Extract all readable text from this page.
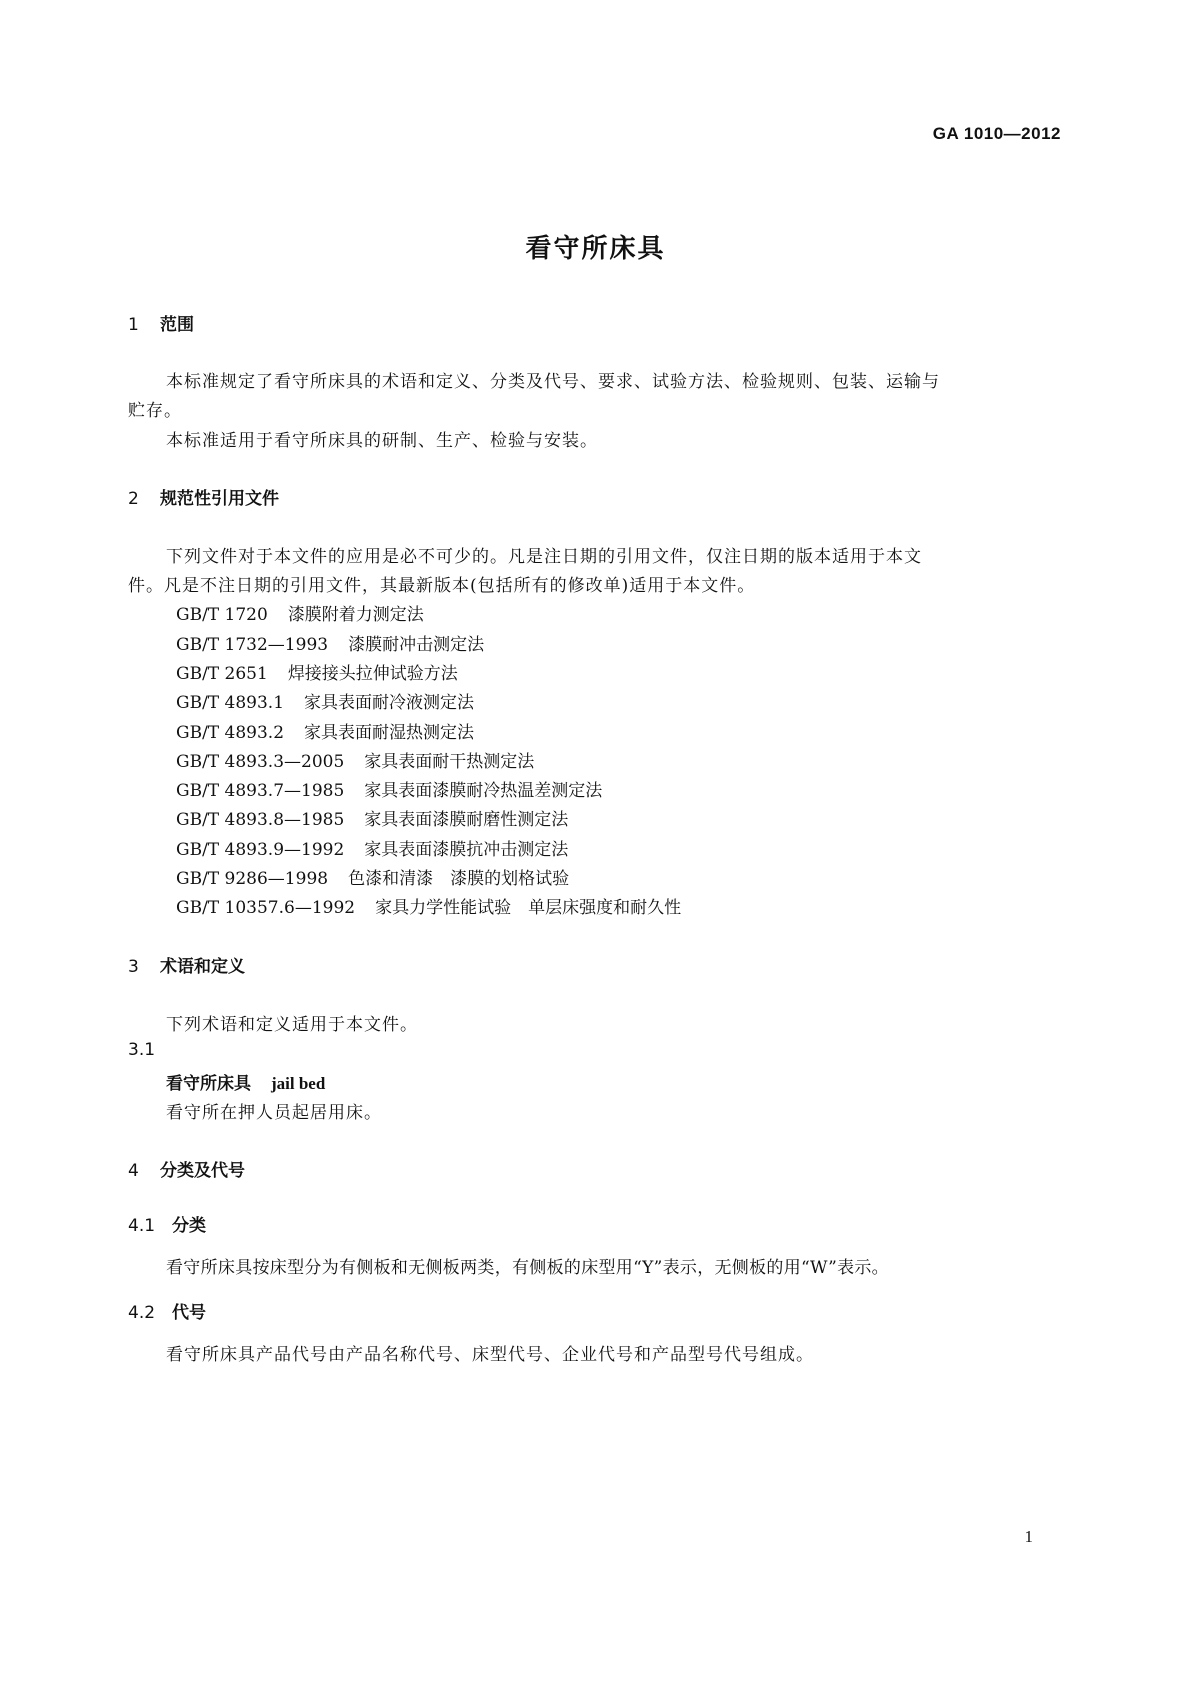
GA 1010—2012
看守所床具
1 范围
本标准规定了看守所床具的术语和定义、分类及代号、要求、试验方法、检验规则、包装、运输与
贮存。
本标准适用于看守所床具的研制、生产、检验与安装。
2 规范性引用文件
下列文件对于本文件的应用是必不可少的。凡是注日期的引用文件，仅注日期的版本适用于本文
件。凡是不注日期的引用文件，其最新版本(包括所有的修改单)适用于本文件。
GB/T 1720 漆膜附着力测定法
GB/T 1732—1993 漆膜耐冲击测定法
GB/T 2651 焊接接头拉伸试验方法
GB/T 4893.1 家具表面耐冷液测定法
GB/T 4893.2 家具表面耐湿热测定法
GB/T 4893.3—2005 家具表面耐干热测定法
GB/T 4893.7—1985 家具表面漆膜耐冷热温差测定法
GB/T 4893.8—1985 家具表面漆膜耐磨性测定法
GB/T 4893.9—1992 家具表面漆膜抗冲击测定法
GB/T 9286—1998 色漆和清漆　漆膜的划格试验
GB/T 10357.6—1992 家具力学性能试验　单层床强度和耐久性
3 术语和定义
下列术语和定义适用于本文件。
3.1
看守所床具 jail bed
看守所在押人员起居用床。
4 分类及代号
4.1 分类
看守所床具按床型分为有侧板和无侧板两类，有侧板的床型用“Y”表示，无侧板的用“W”表示。
4.2 代号
看守所床具产品代号由产品名称代号、床型代号、企业代号和产品型号代号组成。
1
